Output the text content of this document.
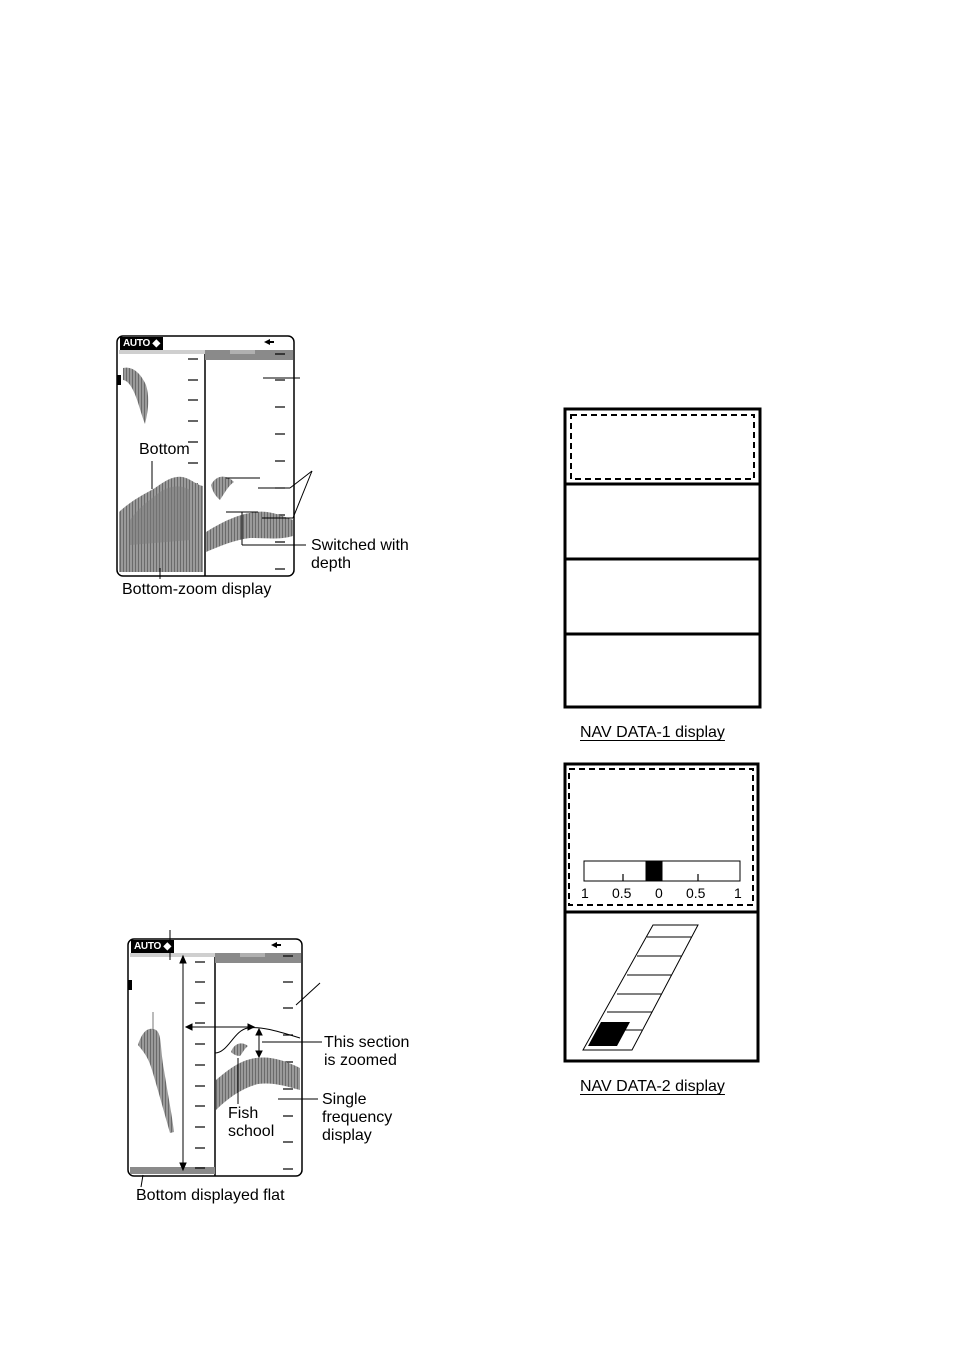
AUTO ◆
Bottom
Switched with
depth
Bottom-zoom display
AUTO ◆
This section
is zoomed
Fish
school
Single
frequency
display
Bottom displayed flat
NAV DATA-1 display
1 0.5 0 0.5 1
NAV DATA-2 display
